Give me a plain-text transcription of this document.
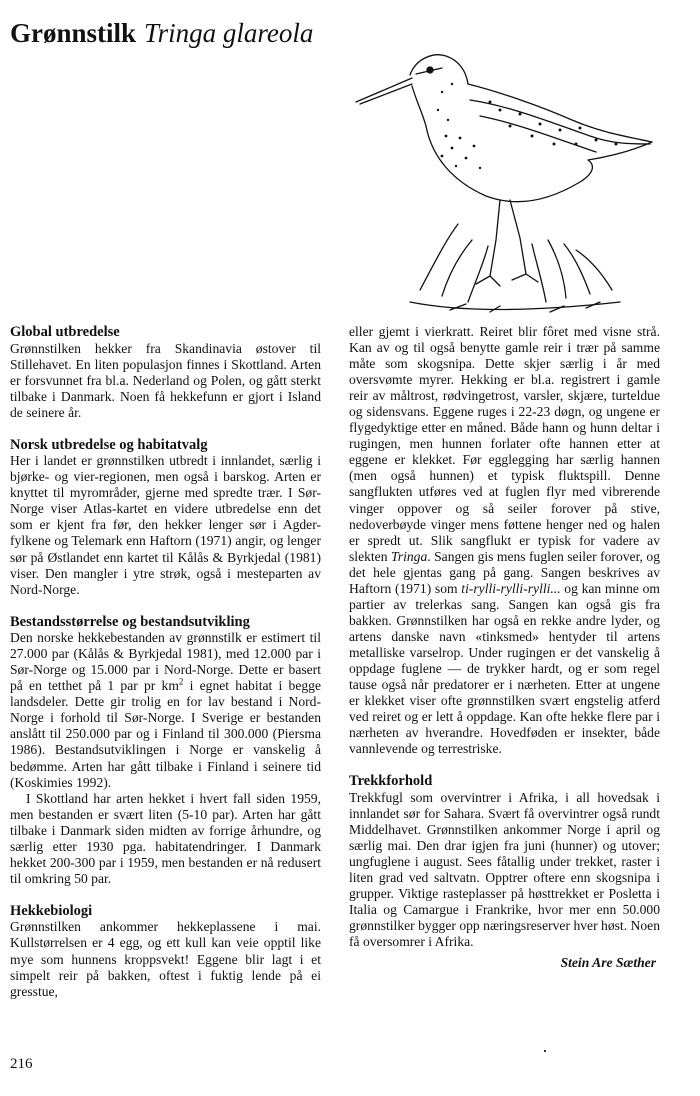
Grønnstilk Tringa glareola
Global utbredelse

Grønnstilken hekker fra Skandinavia østover til Stillehavet. En liten populasjon finnes i Skottland. Arten er forsvunnet fra bl.a. Nederland og Polen, og gått sterkt tilbake i Danmark. Noen få hekkefunn er gjort i Island de seinere år.

Norsk utbredelse og habitatvalg

Her i landet er grønnstilken utbredt i innlandet, særlig i bjørke- og vier-regionen, men også i barskog. Arten er knyttet til myrområder, gjerne med spredte trær. I Sør-Norge viser Atlas-kartet en videre utbredelse enn det som er kjent fra før, den hekker lenger sør i Agder-fylkene og Telemark enn Haftorn (1971) angir, og lenger sør på Østlandet enn kartet til Kålås & Byrkjedal (1981) viser. Den mangler i ytre strøk, også i mesteparten av Nord-Norge.

Bestandsstørrelse og bestandsutvikling

Den norske hekkebestanden av grønnstilk er estimert til 27.000 par (Kålås & Byrkjedal 1981), med 12.000 par i Sør-Norge og 15.000 par i Nord-Norge. Dette er basert på en tetthet på 1 par pr $km^2$ i egnet habitat i begge landsdeler. Dette gir trolig en for lav bestand i Nord-Norge i forhold til Sør-Norge. I Sverige er bestanden anslått til 250.000 par og i Finland til 300.000 (Piersma 1986). Bestandsutviklingen i Norge er vanskelig å bedømme. Arten har gått tilbake i Finland i seinere tid (Koskimies 1992).

I Skottland har arten hekket i hvert fall siden 1959, men bestanden er svært liten (5-10 par). Arten har gått tilbake i Danmark siden midten av forrige århundre, og særlig etter 1930 pga. habitatendringer. I Danmark hekket 200-300 par i 1959, men bestanden er nå redusert til omkring 50 par.

Hekkebiologi

Grønnstilken ankommer hekkeplassene i mai. Kullstørrelsen er 4 egg, og ett kull kan veie opptil like mye som hunnens kroppsvekt! Eggene blir lagt i et simpelt reir på bakken, oftest i fuktig lende på ei gresstue,

eller gjemt i vierkratt. Reiret blir fôret med visne strå. Kan av og til også benytte gamle reir i trær på samme måte som skogsnipa. Dette skjer særlig i år med oversvømte myrer. Hekking er bl.a. registrert i gamle reir av måltrost, rødvingetrost, varsler, skjære, turteldue og sidensvans. Eggene ruges i 22-23 døgn, og ungene er flygedyktige etter en måned. Både hann og hunn deltar i rugingen, men hunnen forlater ofte hannen etter at eggene er klekket. Før egglegging har særlig hannen (men også hunnen) et typisk fluktspill. Denne sangflukten utføres ved at fuglen flyr med vibrerende vinger oppover og så seiler forover på stive, nedoverbøyde vinger mens føttene henger ned og halen er spredt ut. Slik sangflukt er typisk for vadere av slekten Tringa. Sangen gis mens fuglen seiler forover, og det hele gjentas gang på gang. Sangen beskrives av Haftorn (1971) som ti-rylli-rylli-rylli... og kan minne om partier av trelerkas sang. Sangen kan også gis fra bakken. Grønnstilken har også en rekke andre lyder, og artens danske navn «tinksmed» hentyder til artens metalliske varselrop. Under rugingen er det vanskelig å oppdage fuglene — de trykker hardt, og er som regel tause også når predatorer er i nærheten. Etter at ungene er klekket viser ofte grønnstilken svært engstelig atferd ved reiret og er lett å oppdage. Kan ofte hekke flere par i nærheten av hverandre. Hovedføden er insekter, både vannlevende og terrestriske.

Trekkforhold

Trekkfugl som overvintrer i Afrika, i all hovedsak i innlandet sør for Sahara. Svært få overvintrer også rundt Middelhavet. Grønnstilken ankommer Norge i april og særlig mai. Den drar igjen fra juni (hunner) og utover; ungfuglene i august. Sees fåtallig under trekket, raster i liten grad ved saltvatn. Opptrer oftere enn skogsnipa i grupper. Viktige rasteplasser på høsttrekket er Posletta i Italia og Camargue i Frankrike, hvor mer enn 50.000 grønnstilker bygger opp næringsreserver hver høst. Noen få oversomrer i Afrika.

Stein Are Sæther
216
